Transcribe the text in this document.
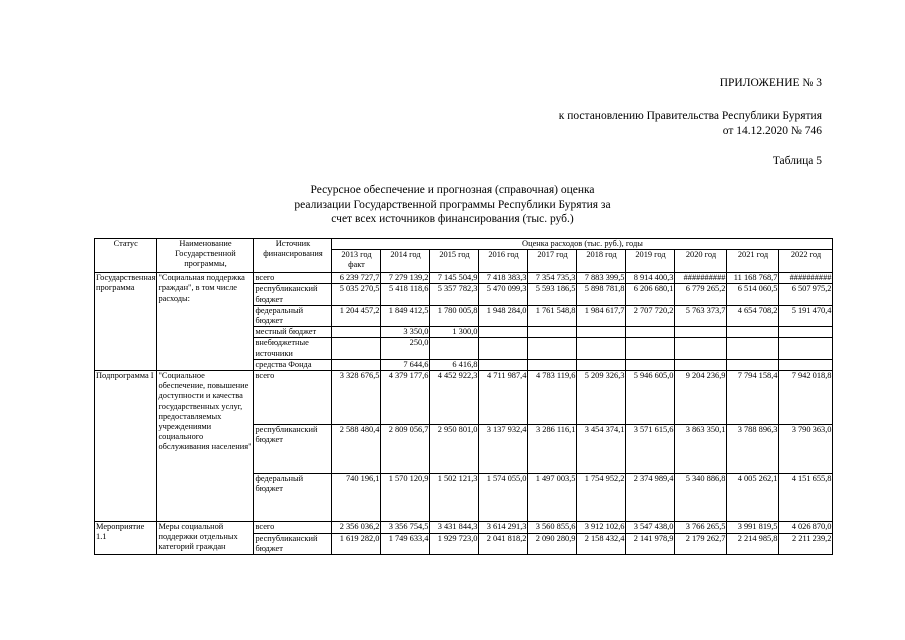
ПРИЛОЖЕНИЕ № 3
к постановлению Правительства Республики Бурятия
от 14.12.2020 № 746
Таблица 5
Ресурсное обеспечение и прогнозная (справочная) оценка
реализации Государственной программы Республики Бурятия за
счет всех источников финансирования (тыс. руб.)
Статус	Наименование Государственной программы,	Источник финансирования	Оценка расходов (тыс. руб.), годы									
			2013 год факт	2014 год	2015 год	2016 год	2017 год	2018 год	2019 год	2020 год	2021 год	2022 год
Государственная программа	"Социальная поддержка граждан", в том числе расходы:	всего	6 239 727,7	7 279 139,2	7 145 504,9	7 418 383,3	7 354 735,3	7 883 399,5	8 914 400,3	##########	11 168 768,7	##########
		республиканский бюджет	5 035 270,5	5 418 118,6	5 357 782,3	5 470 099,3	5 593 186,5	5 898 781,8	6 206 680,1	6 779 265,2	6 514 060,5	6 507 975,2
		федеральный бюджет	1 204 457,2	1 849 412,5	1 780 005,8	1 948 284,0	1 761 548,8	1 984 617,7	2 707 720,2	5 763 373,7	4 654 708,2	5 191 470,4
		местный бюджет		3 350,0	1 300,0							
		внебюджетные источники		250,0								
		средства Фонда		7 644,6	6 416,8							
Подпрограмма I	"Социальное обеспечение, повышение доступности и качества государственных услуг, предоставляемых учреждениями социального обслуживания населения"	всего	3 328 676,5	4 379 177,6	4 452 922,3	4 711 987,4	4 783 119,6	5 209 326,3	5 946 605,0	9 204 236,9	7 794 158,4	7 942 018,8
		республиканский бюджет	2 588 480,4	2 809 056,7	2 950 801,0	3 137 932,4	3 286 116,1	3 454 374,1	3 571 615,6	3 863 350,1	3 788 896,3	3 790 363,0
		федеральный бюджет	740 196,1	1 570 120,9	1 502 121,3	1 574 055,0	1 497 003,5	1 754 952,2	2 374 989,4	5 340 886,8	4 005 262,1	4 151 655,8
Мероприятие 1.1	Меры социальной поддержки отдельных категорий граждан	всего	2 356 036,2	3 356 754,5	3 431 844,3	3 614 291,3	3 560 855,6	3 912 102,6	3 547 438,0	3 766 265,5	3 991 819,5	4 026 870,0
		республиканский бюджет	1 619 282,0	1 749 633,4	1 929 723,0	2 041 818,2	2 090 280,9	2 158 432,4	2 141 978,9	2 179 262,7	2 214 985,8	2 211 239,2
